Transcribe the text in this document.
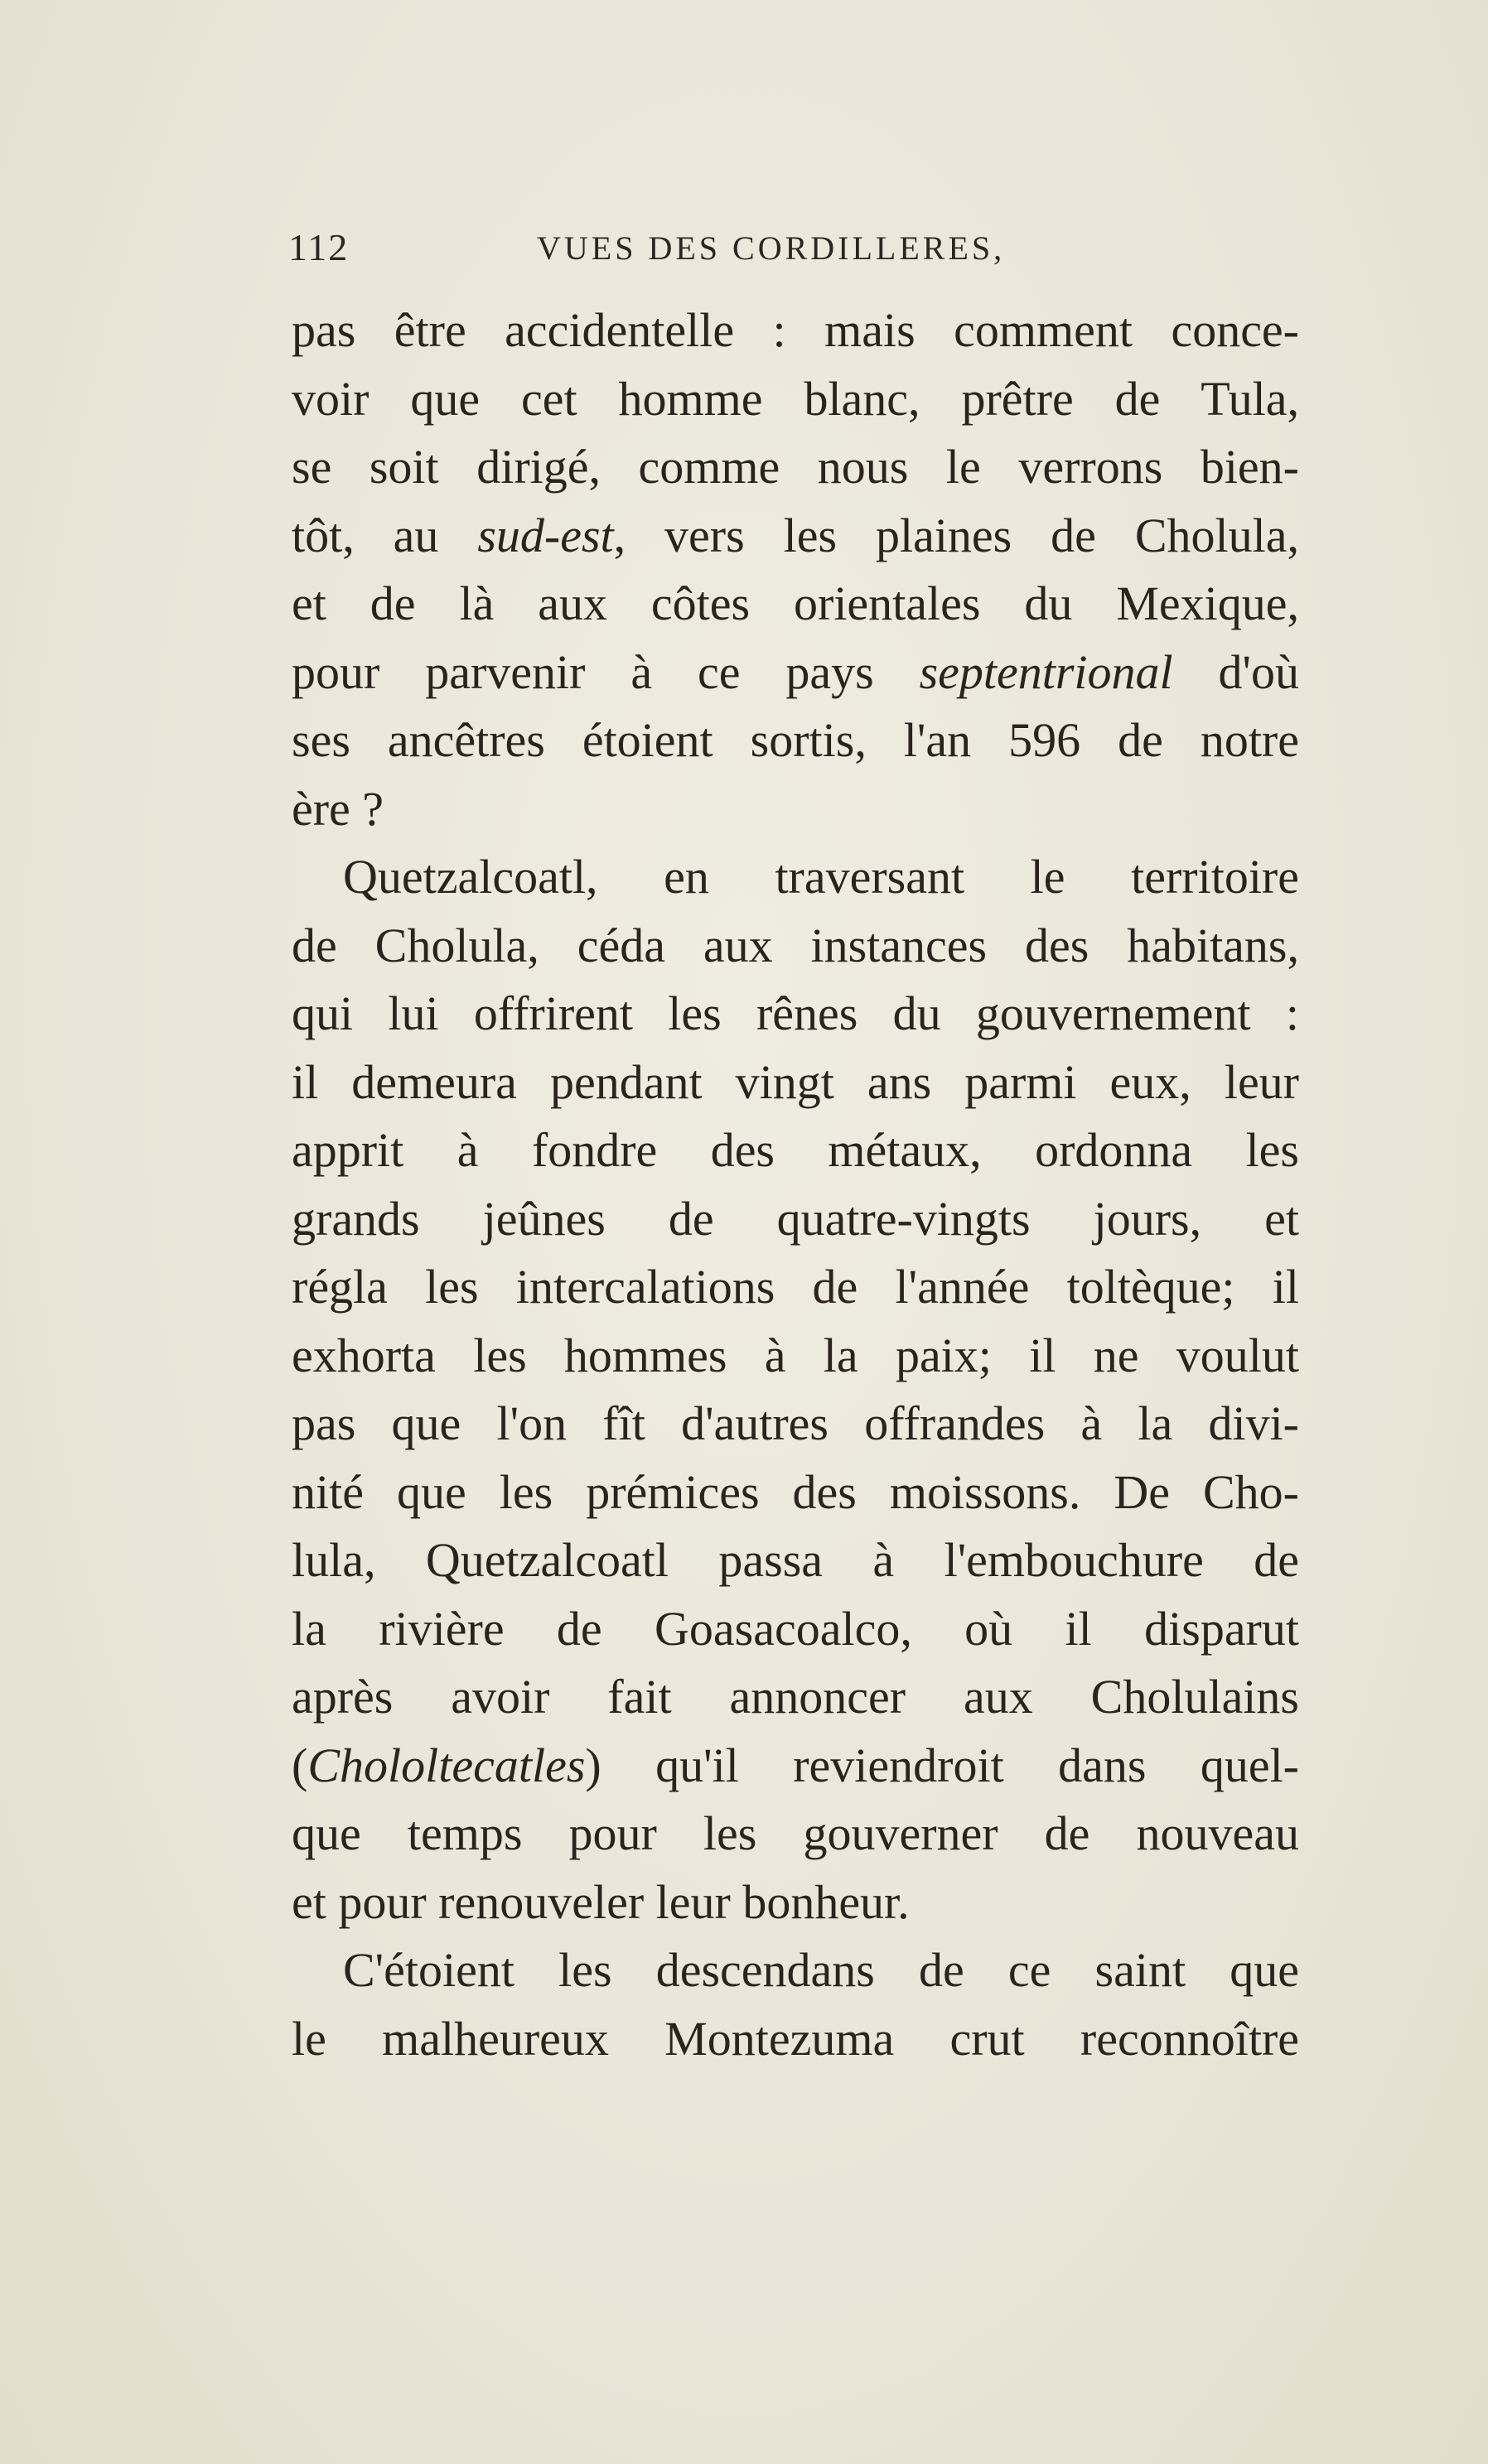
112	VUES DES CORDILLERES,
pas être accidentelle : mais comment conce-
voir que cet homme blanc, prêtre de Tula,
se soit dirigé, comme nous le verrons bien-
tôt, au sud-est, vers les plaines de Cholula,
et de là aux côtes orientales du Mexique,
pour parvenir à ce pays septentrional d'où
ses ancêtres étoient sortis, l'an 596 de notre
ère ?
Quetzalcoatl, en traversant le territoire
de Cholula, céda aux instances des habitans,
qui lui offrirent les rênes du gouvernement :
il demeura pendant vingt ans parmi eux, leur
apprit à fondre des métaux, ordonna les
grands jeûnes de quatre-vingts jours, et
régla les intercalations de l'année toltèque; il
exhorta les hommes à la paix; il ne voulut
pas que l'on fît d'autres offrandes à la divi-
nité que les prémices des moissons. De Cho-
lula, Quetzalcoatl passa à l'embouchure de
la rivière de Goasacoalco, où il disparut
après avoir fait annoncer aux Cholulains
(Chololtecatles) qu'il reviendroit dans quel-
que temps pour les gouverner de nouveau
et pour renouveler leur bonheur.
C'étoient les descendans de ce saint que
le malheureux Montezuma crut reconnoître
